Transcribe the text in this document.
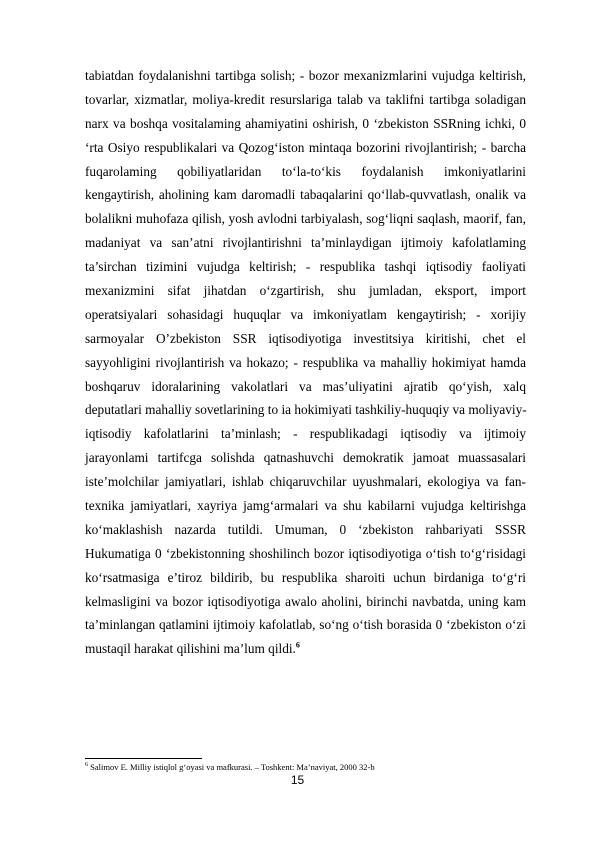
tabiatdan foydalanishni tartibga solish; - bozor mexanizmlarini vujudga keltirish,
tovarlar, xizmatlar, moliya-kredit resurslariga talab va taklifni tartibga soladigan
narx va boshqa vositalaming ahamiyatini oshirish, 0 ‘zbekiston SSRning ichki, 0
‘rta Osiyo respublikalari va Qozog‘iston mintaqa bozorini rivojlantirish; - barcha
fuqarolaming qobiliyatlaridan to‘la-to‘kis foydalanish imkoniyatlarini
kengaytirish, aholining kam daromadli tabaqalarini qo‘llab-quvvatlash, onalik va
bolalikni muhofaza qilish, yosh avlodni tarbiyalash, sog‘liqni saqlash, maorif, fan,
madaniyat va san’atni rivojlantirishni ta’minlaydigan ijtimoiy kafolatlaming
ta’sirchan tizimini vujudga keltirish; - respublika tashqi iqtisodiy faoliyati
mexanizmini sifat jihatdan o‘zgartirish, shu jumladan, eksport, import
operatsiyalari sohasidagi huquqlar va imkoniyatlam kengaytirish; - xorijiy
sarmoyalar O’zbekiston SSR iqtisodiyotiga investitsiya kiritishi, chet el
sayyohligini rivojlantirish va hokazo; - respublika va mahalliy hokimiyat hamda
boshqaruv idoralarining vakolatlari va mas’uliyatini ajratib qo‘yish, xalq
deputatlari mahalliy sovetlarining to ia hokimiyati tashkiliy-huquqiy va moliyaviy-
iqtisodiy kafolatlarini ta’minlash; - respublikadagi iqtisodiy va ijtimoiy
jarayonlami tartifcga solishda qatnashuvchi demokratik jamoat muassasalari
iste’molchilar jamiyatlari, ishlab chiqaruvchilar uyushmalari, ekologiya va fan-
texnika jamiyatlari, xayriya jamg‘armalari va shu kabilarni vujudga keltirishga
ko‘maklashish nazarda tutildi. Umuman, 0 ‘zbekiston rahbariyati SSSR
Hukumatiga 0 ‘zbekistonning shoshilinch bozor iqtisodiyotiga o‘tish to‘g‘risidagi
ko‘rsatmasiga e’tiroz bildirib, bu respublika sharoiti uchun birdaniga to‘g‘ri
kelmasligini va bozor iqtisodiyotiga awalo aholini, birinchi navbatda, uning kam
ta’minlangan qatlamini ijtimoiy kafolatlab, so‘ng o‘tish borasida 0 ‘zbekiston o‘zi
mustaqil harakat qilishini ma’lum qildi.$^6$
$^6$ Salimov E. Milliy istiqlol g‘oyasi va mafkurasi. – Toshkent: Ma’naviyat, 2000 32-b
15
